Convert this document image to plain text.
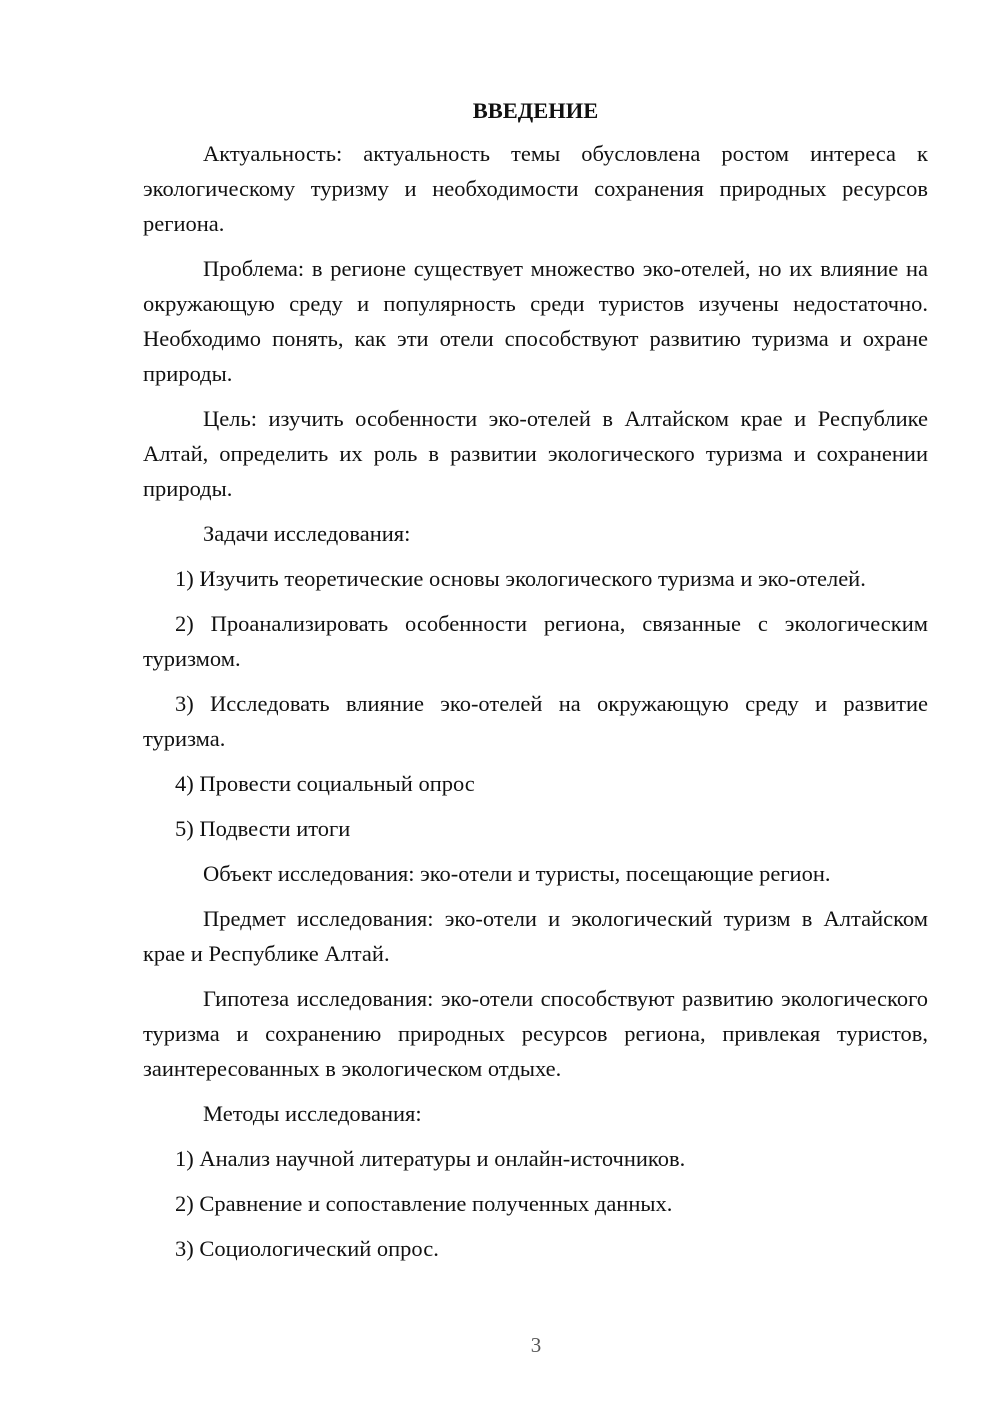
ВВЕДЕНИЕ

Актуальность: актуальность темы обусловлена ростом интереса к экологическому туризму и необходимости сохранения природных ресурсов региона.

Проблема: в регионе существует множество эко-отелей, но их влияние на окружающую среду и популярность среди туристов изучены недостаточно. Необходимо понять, как эти отели способствуют развитию туризма и охране природы.

Цель: изучить особенности эко-отелей в Алтайском крае и Республике Алтай, определить их роль в развитии экологического туризма и сохранении природы.

Задачи исследования:

1) Изучить теоретические основы экологического туризма и эко-отелей.

2) Проанализировать особенности региона, связанные с экологическим туризмом.

3) Исследовать влияние эко-отелей на окружающую среду и развитие туризма.

4) Провести социальный опрос

5) Подвести итоги

Объект исследования: эко-отели и туристы, посещающие регион.

Предмет исследования: эко-отели и экологический туризм в Алтайском крае и Республике Алтай.

Гипотеза исследования: эко-отели способствуют развитию экологического туризма и сохранению природных ресурсов региона, привлекая туристов, заинтересованных в экологическом отдыхе.

Методы исследования:

1) Анализ научной литературы и онлайн-источников.

2) Сравнение и сопоставление полученных данных.

3) Социологический опрос.

3
